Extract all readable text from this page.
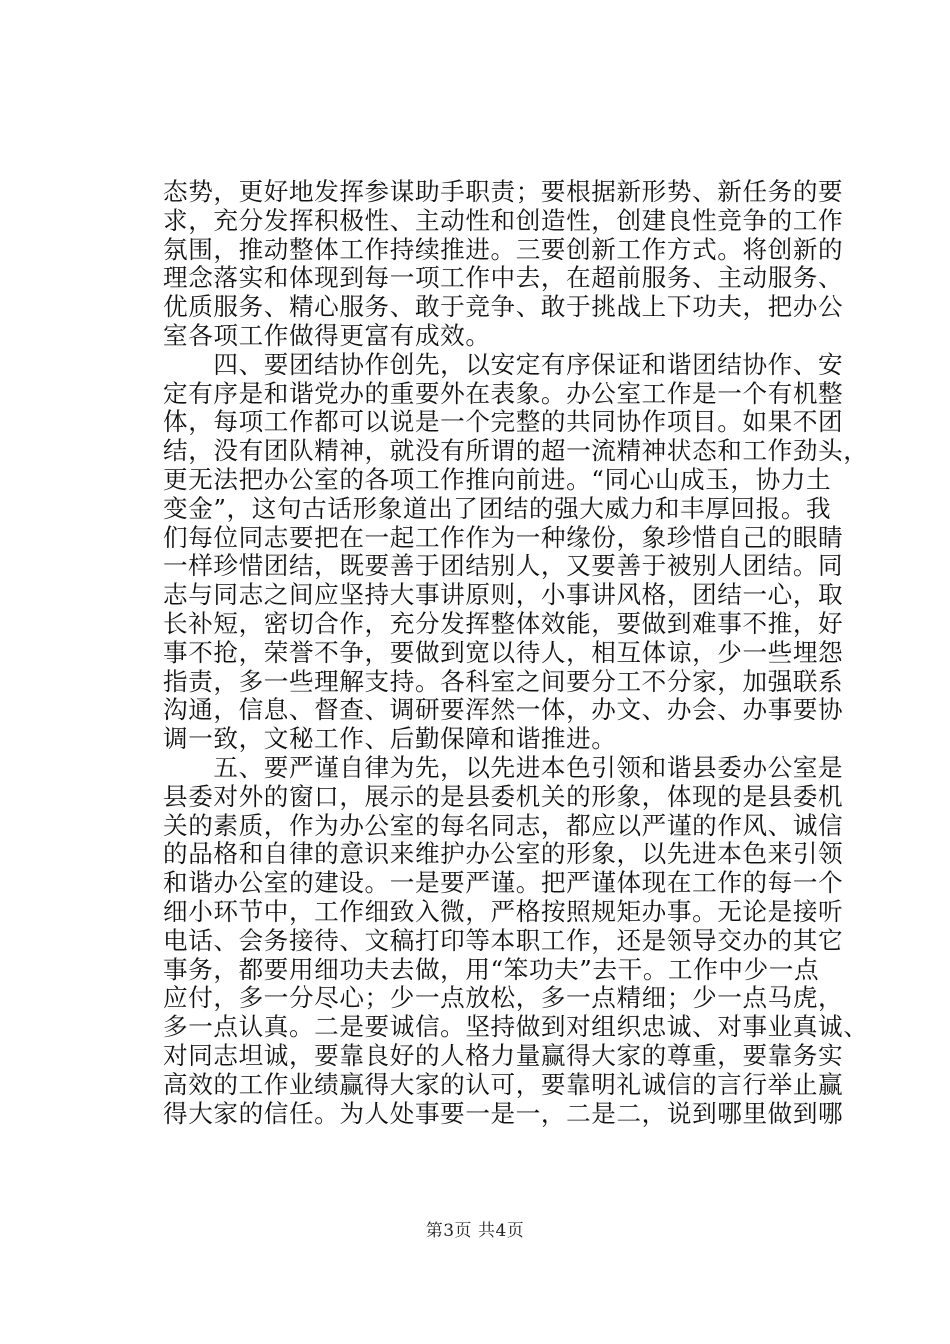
态势，更好地发挥参谋助手职责；要根据新形势、新任务的要
求，充分发挥积极性、主动性和创造性，创建良性竞争的工作
氛围，推动整体工作持续推进。三要创新工作方式。将创新的
理念落实和体现到每一项工作中去，在超前服务、主动服务、
优质服务、精心服务、敢于竞争、敢于挑战上下功夫，把办公
室各项工作做得更富有成效。
　　四、要团结协作创先，以安定有序保证和谐团结协作、安
定有序是和谐党办的重要外在表象。办公室工作是一个有机整
体，每项工作都可以说是一个完整的共同协作项目。如果不团
结，没有团队精神，就没有所谓的超一流精神状态和工作劲头，
更无法把办公室的各项工作推向前进。“同心山成玉，协力土
变金”，这句古话形象道出了团结的强大威力和丰厚回报。我
们每位同志要把在一起工作作为一种缘份，象珍惜自己的眼睛
一样珍惜团结，既要善于团结别人，又要善于被别人团结。同
志与同志之间应坚持大事讲原则，小事讲风格，团结一心，取
长补短，密切合作，充分发挥整体效能，要做到难事不推，好
事不抢，荣誉不争，要做到宽以待人，相互体谅，少一些埋怨
指责，多一些理解支持。各科室之间要分工不分家，加强联系
沟通，信息、督查、调研要浑然一体，办文、办会、办事要协
调一致，文秘工作、后勤保障和谐推进。
　　五、要严谨自律为先，以先进本色引领和谐县委办公室是
县委对外的窗口，展示的是县委机关的形象，体现的是县委机
关的素质，作为办公室的每名同志，都应以严谨的作风、诚信
的品格和自律的意识来维护办公室的形象，以先进本色来引领
和谐办公室的建设。一是要严谨。把严谨体现在工作的每一个
细小环节中，工作细致入微，严格按照规矩办事。无论是接听
电话、会务接待、文稿打印等本职工作，还是领导交办的其它
事务，都要用细功夫去做，用“笨功夫”去干。工作中少一点
应付，多一分尽心；少一点放松，多一点精细；少一点马虎，
多一点认真。二是要诚信。坚持做到对组织忠诚、对事业真诚、
对同志坦诚，要靠良好的人格力量赢得大家的尊重，要靠务实
高效的工作业绩赢得大家的认可，要靠明礼诚信的言行举止赢
得大家的信任。为人处事要一是一，二是二，说到哪里做到哪
第3页 共4页
